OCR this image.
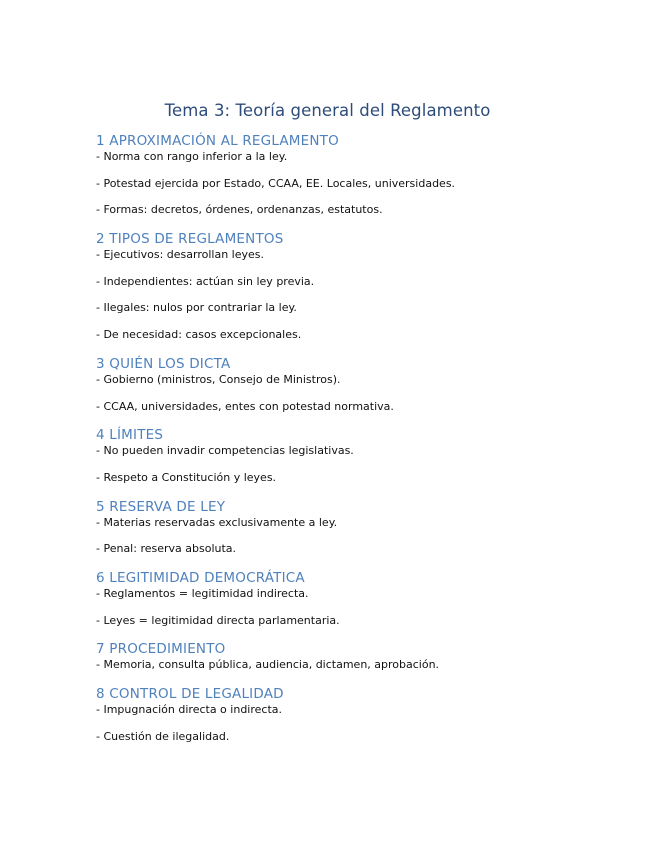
Tema 3: Teoría general del Reglamento
1 APROXIMACIÓN AL REGLAMENTO
- Norma con rango inferior a la ley.
- Potestad ejercida por Estado, CCAA, EE. Locales, universidades.
- Formas: decretos, órdenes, ordenanzas, estatutos.
2 TIPOS DE REGLAMENTOS
- Ejecutivos: desarrollan leyes.
- Independientes: actúan sin ley previa.
- Ilegales: nulos por contrariar la ley.
- De necesidad: casos excepcionales.
3 QUIÉN LOS DICTA
- Gobierno (ministros, Consejo de Ministros).
- CCAA, universidades, entes con potestad normativa.
4 LÍMITES
- No pueden invadir competencias legislativas.
- Respeto a Constitución y leyes.
5 RESERVA DE LEY
- Materias reservadas exclusivamente a ley.
- Penal: reserva absoluta.
6 LEGITIMIDAD DEMOCRÁTICA
- Reglamentos = legitimidad indirecta.
- Leyes = legitimidad directa parlamentaria.
7 PROCEDIMIENTO
- Memoria, consulta pública, audiencia, dictamen, aprobación.
8 CONTROL DE LEGALIDAD
- Impugnación directa o indirecta.
- Cuestión de ilegalidad.
